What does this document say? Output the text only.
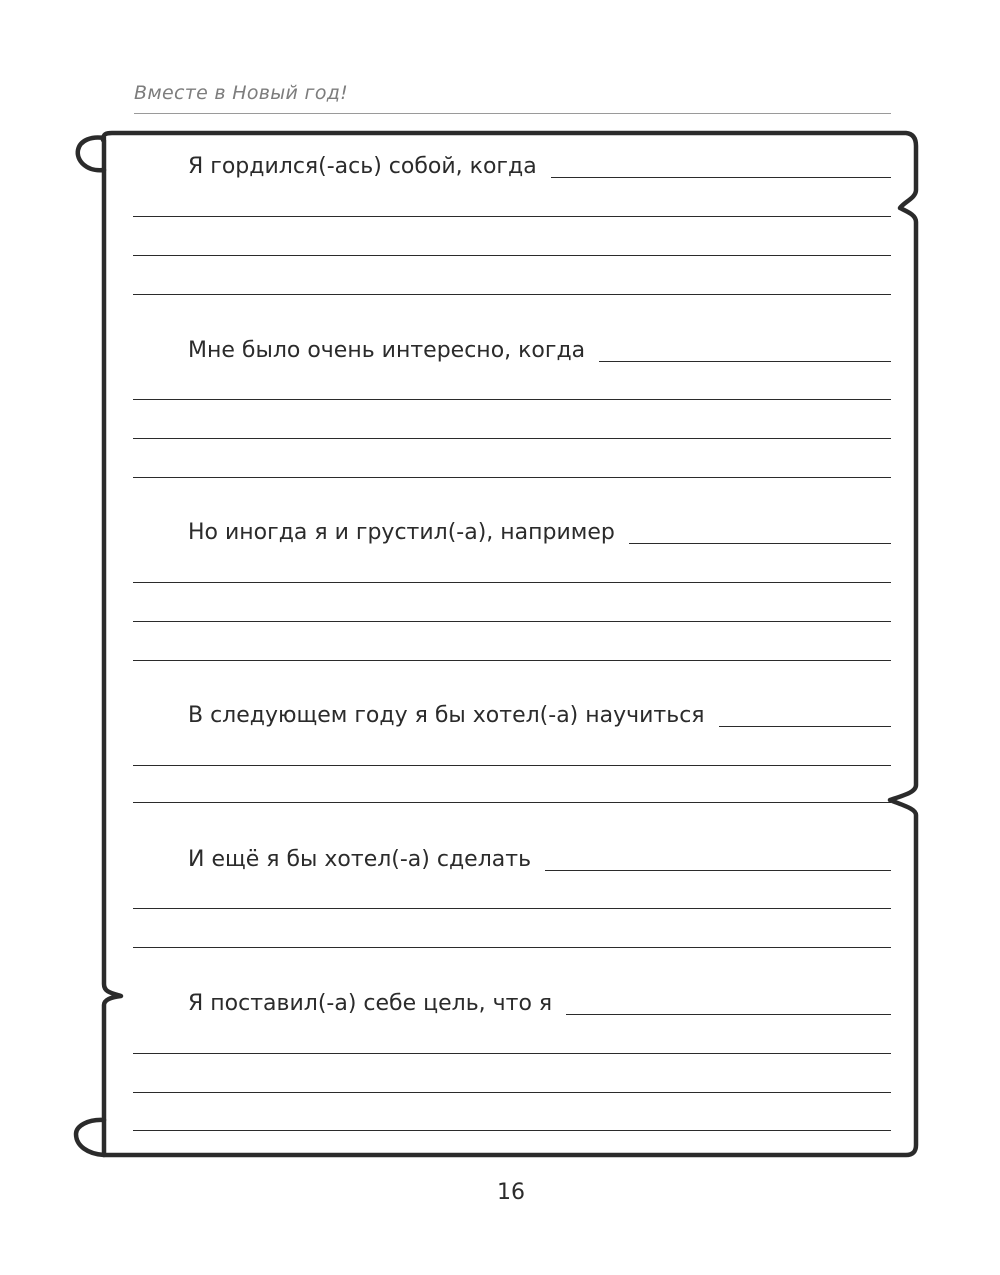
Вместе в Новый год!
Я гордился(-ась) собой, когда
Мне было очень интересно, когда
Но иногда я и грустил(-а), например
В следующем году я бы хотел(-а) научиться
И ещё я бы хотел(-а) сделать
Я поставил(-а) себе цель, что я
16
